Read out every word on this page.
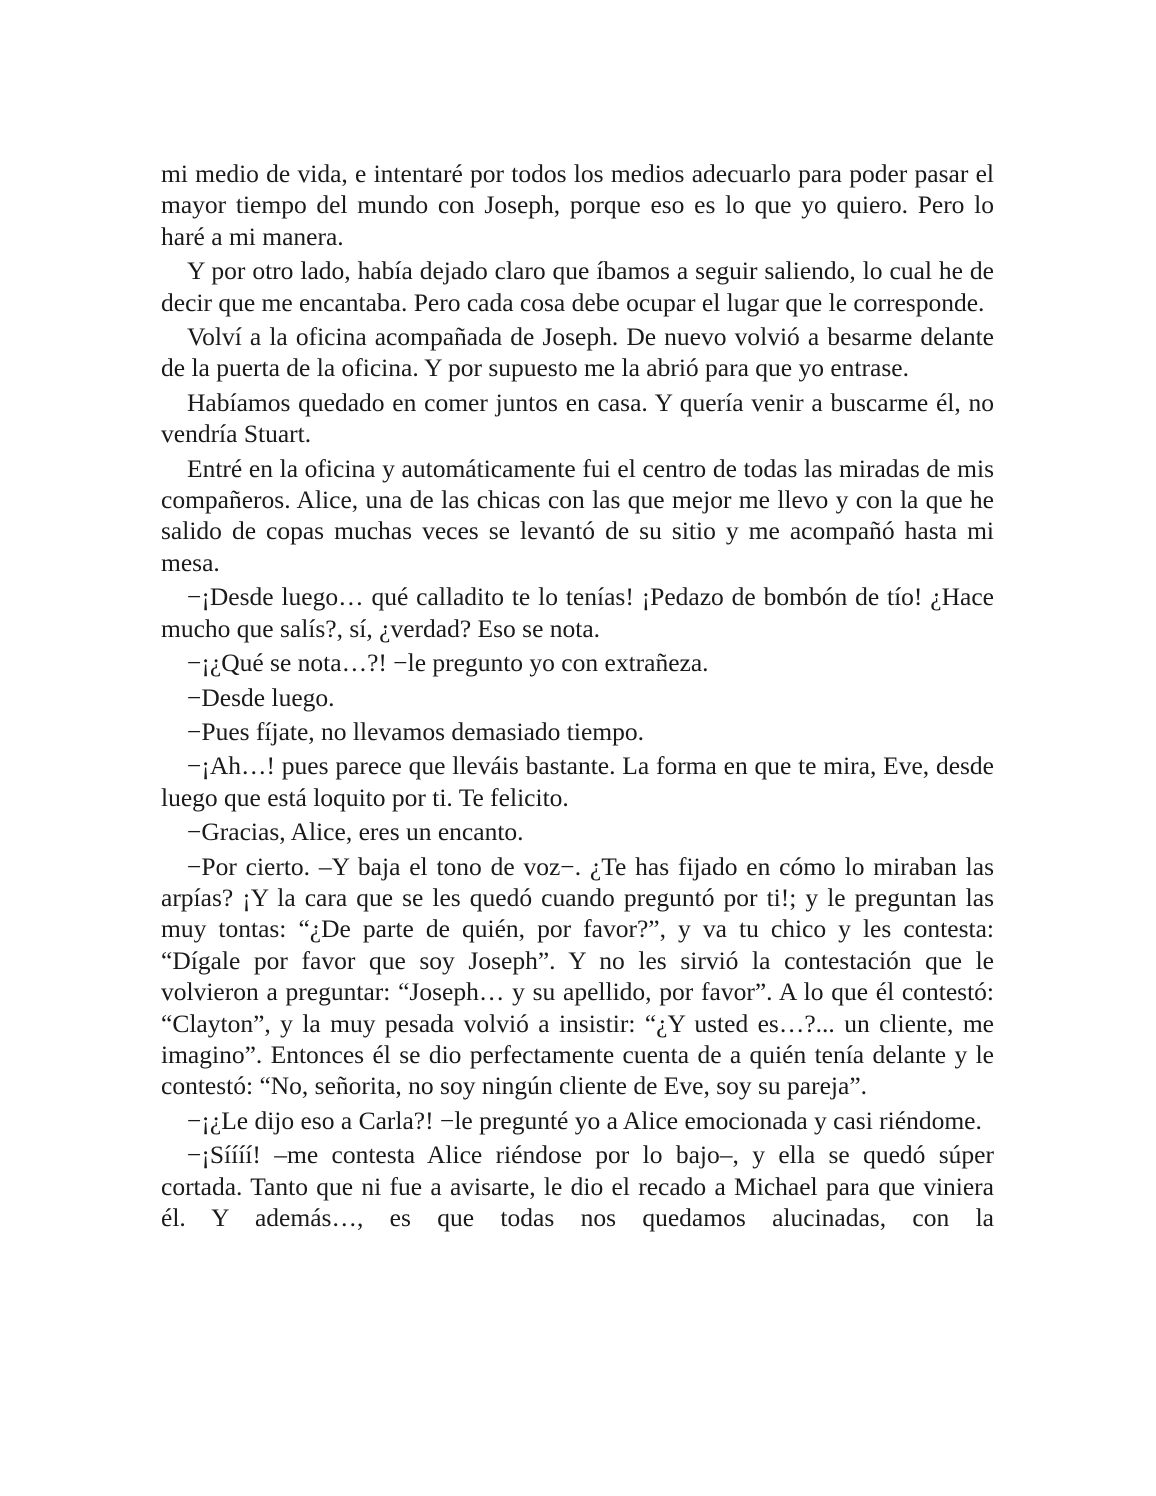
mi medio de vida, e intentaré por todos los medios adecuarlo para poder pasar el mayor tiempo del mundo con Joseph, porque eso es lo que yo quiero. Pero lo haré a mi manera.

Y por otro lado, había dejado claro que íbamos a seguir saliendo, lo cual he de decir que me encantaba. Pero cada cosa debe ocupar el lugar que le corresponde.

Volví a la oficina acompañada de Joseph. De nuevo volvió a besarme delante de la puerta de la oficina. Y por supuesto me la abrió para que yo entrase.

Habíamos quedado en comer juntos en casa. Y quería venir a buscarme él, no vendría Stuart.

Entré en la oficina y automáticamente fui el centro de todas las miradas de mis compañeros. Alice, una de las chicas con las que mejor me llevo y con la que he salido de copas muchas veces se levantó de su sitio y me acompañó hasta mi mesa.

−¡Desde luego… qué calladito te lo tenías! ¡Pedazo de bombón de tío! ¿Hace mucho que salís?, sí, ¿verdad? Eso se nota.

−¡¿Qué se nota…?! −le pregunto yo con extrañeza.

−Desde luego.

−Pues fíjate, no llevamos demasiado tiempo.

−¡Ah…! pues parece que lleváis bastante. La forma en que te mira, Eve, desde luego que está loquito por ti. Te felicito.

−Gracias, Alice, eres un encanto.

−Por cierto. –Y baja el tono de voz−. ¿Te has fijado en cómo lo miraban las arpías? ¡Y la cara que se les quedó cuando preguntó por ti!; y le preguntan las muy tontas: “¿De parte de quién, por favor?”, y va tu chico y les contesta: “Dígale por favor que soy Joseph”. Y no les sirvió la contestación que le volvieron a preguntar: “Joseph… y su apellido, por favor”. A lo que él contestó: “Clayton”, y la muy pesada volvió a insistir: “¿Y usted es…?... un cliente, me imagino”. Entonces él se dio perfectamente cuenta de a quién tenía delante y le contestó: “No, señorita, no soy ningún cliente de Eve, soy su pareja”.

−¡¿Le dijo eso a Carla?! −le pregunté yo a Alice emocionada y casi riéndome.

−¡Síííí! –me contesta Alice riéndose por lo bajo–, y ella se quedó súper cortada. Tanto que ni fue a avisarte, le dio el recado a Michael para que viniera él. Y además…, es que todas nos quedamos alucinadas, con la
